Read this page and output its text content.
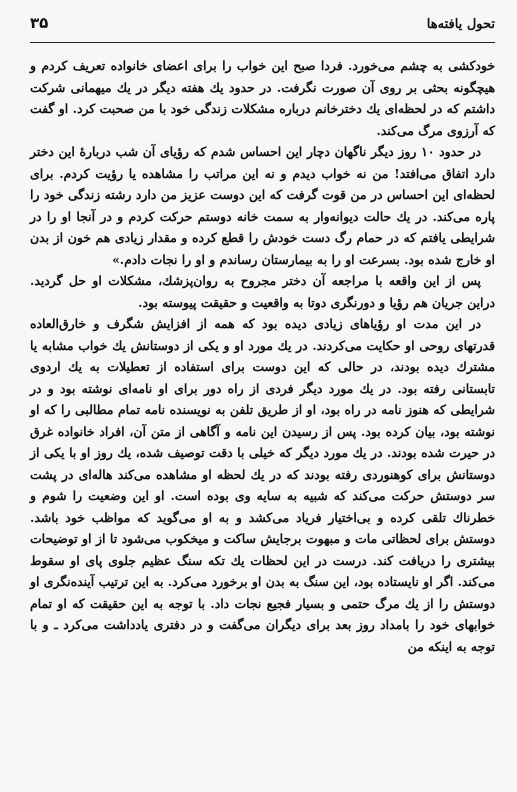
۳۵	تحول یافته‌ها

خودکشی به چشم می‌خورد. فردا صبح این خواب را برای اعضای خانواده تعریف کردم و هیچگونه بحثی بر روی آن صورت نگرفت. در حدود یك هفته دیگر در یك میهمانی شرکت داشتم که در لحظه‌ای یك دخترخانم درباره مشکلات زندگی خود با من صحبت کرد. او گفت که آرزوی مرگ می‌کند.

در حدود ۱۰ روز دیگر ناگهان دچار این احساس شدم که رؤیای آن شب دربارهٔ این دختر دارد اتفاق می‌افتد! من نه خواب دیدم و نه این مراتب را مشاهده یا رؤیت کردم. برای لحظه‌ای این احساس در من قوت گرفت که این دوست عزیز من دارد رشته زندگی خود را پاره می‌کند. در یك حالت دیوانه‌وار به سمت خانه دوستم حرکت کردم و در آنجا او را در شرایطی یافتم که در حمام رگ دست خودش را قطع کرده و مقدار زیادی هم خون از بدن او خارج شده بود. بسرعت او را به بیمارستان رساندم و او را نجات دادم.»

پس از این واقعه با مراجعه آن دختر مجروح به روان‌پزشك، مشکلات او حل گردید. دراین جریان هم رؤیا و دورنگری دوتا به واقعیت و حقیقت پیوسته بود.

در این مدت او رؤیاهای زیادی دیده بود که همه از افزایش شگرف و خارق‌العاده قدرتهای روحی او حکایت می‌کردند. در یك مورد او و یکی از دوستانش یك خواب مشابه یا مشترك دیده بودند، در حالی که این دوست برای استفاده از تعطیلات به یك اردوی تابستانی رفته بود. در یك مورد دیگر فردی از راه دور برای او نامه‌ای نوشته بود و در شرایطی که هنوز نامه در راه بود، او از طریق تلفن به نویسنده نامه تمام مطالبی را که او نوشته بود، بیان کرده بود. پس از رسیدن این نامه و آگاهی از متن آن، افراد خانواده غرق در حیرت شده بودند. در یك مورد دیگر که خیلی با دقت توصیف شده، یك روز او با یکی از دوستانش برای کوهنوردی رفته بودند که در یك لحظه او مشاهده می‌کند هاله‌ای در پشت سر دوستش حرکت می‌کند که شبیه به سایه وی بوده است. او این وضعیت را شوم و خطرناك تلقی کرده و بی‌اختیار فریاد می‌کشد و به او می‌گوید که مواظب خود باشد. دوستش برای لحظاتی مات و مبهوت برجایش ساکت و میخکوب می‌شود تا از او توضیحات بیشتری را دریافت کند. درست در این لحظات یك تکه سنگ عظیم جلوی پای او سقوط می‌کند. اگر او نایستاده بود، این سنگ به بدن او برخورد می‌کرد. به این ترتیب آینده‌نگری او دوستش را از یك مرگ حتمی و بسیار فجیع نجات داد. با توجه به این حقیقت که او تمام خوابهای خود را بامداد روز بعد برای دیگران می‌گفت و در دفتری یادداشت می‌کرد ـ و با توجه به اینکه من
